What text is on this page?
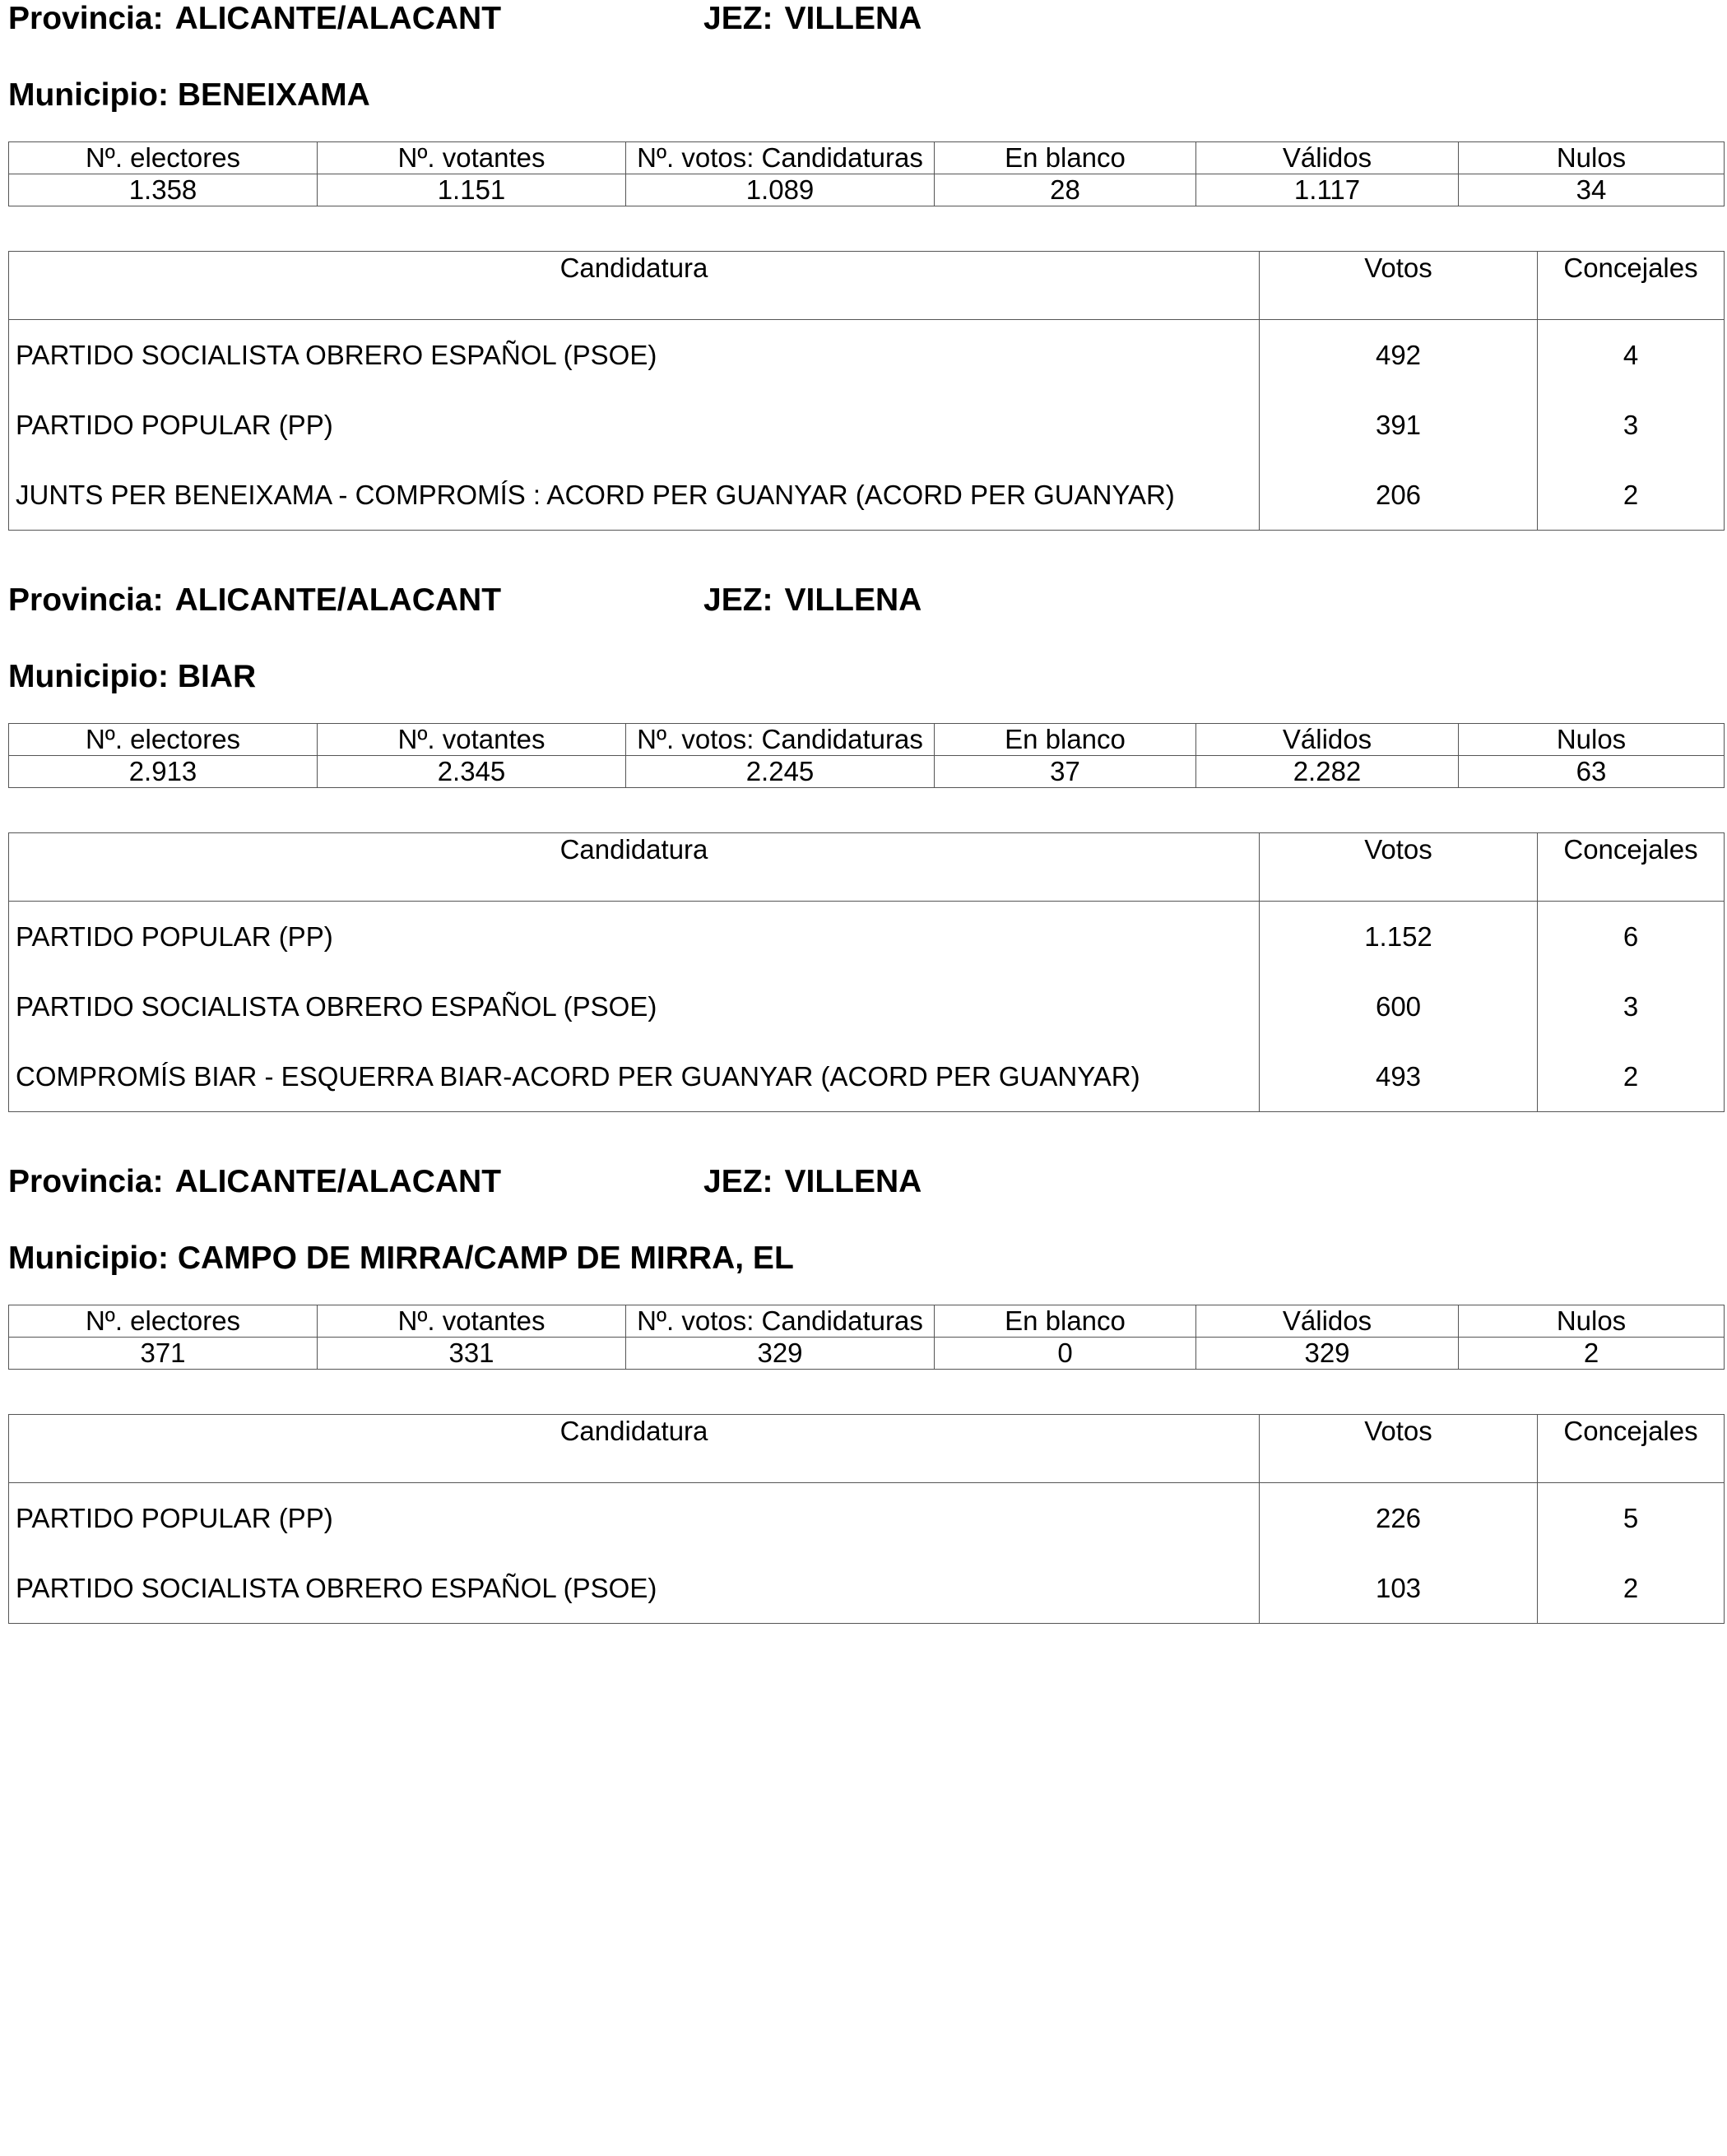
Provincia: ALICANTE/ALACANT	JEZ: VILLENA
Municipio: BENEIXAMA
Nº. electores	Nº. votantes	Nº. votos: Candidaturas	En blanco	Válidos	Nulos
1.358	1.151	1.089	28	1.117	34
Candidatura	Votos	Concejales
PARTIDO SOCIALISTA OBRERO ESPAÑOL (PSOE)	492	4
PARTIDO POPULAR (PP)	391	3
JUNTS PER BENEIXAMA - COMPROMÍS : ACORD PER GUANYAR (ACORD PER GUANYAR)	206	2
Provincia: ALICANTE/ALACANT	JEZ: VILLENA
Municipio: BIAR
Nº. electores	Nº. votantes	Nº. votos: Candidaturas	En blanco	Válidos	Nulos
2.913	2.345	2.245	37	2.282	63
Candidatura	Votos	Concejales
PARTIDO POPULAR (PP)	1.152	6
PARTIDO SOCIALISTA OBRERO ESPAÑOL (PSOE)	600	3
COMPROMÍS BIAR - ESQUERRA BIAR-ACORD PER GUANYAR (ACORD PER GUANYAR)	493	2
Provincia: ALICANTE/ALACANT	JEZ: VILLENA
Municipio: CAMPO DE MIRRA/CAMP DE MIRRA, EL
Nº. electores	Nº. votantes	Nº. votos: Candidaturas	En blanco	Válidos	Nulos
371	331	329	0	329	2
Candidatura	Votos	Concejales
PARTIDO POPULAR (PP)	226	5
PARTIDO SOCIALISTA OBRERO ESPAÑOL (PSOE)	103	2
